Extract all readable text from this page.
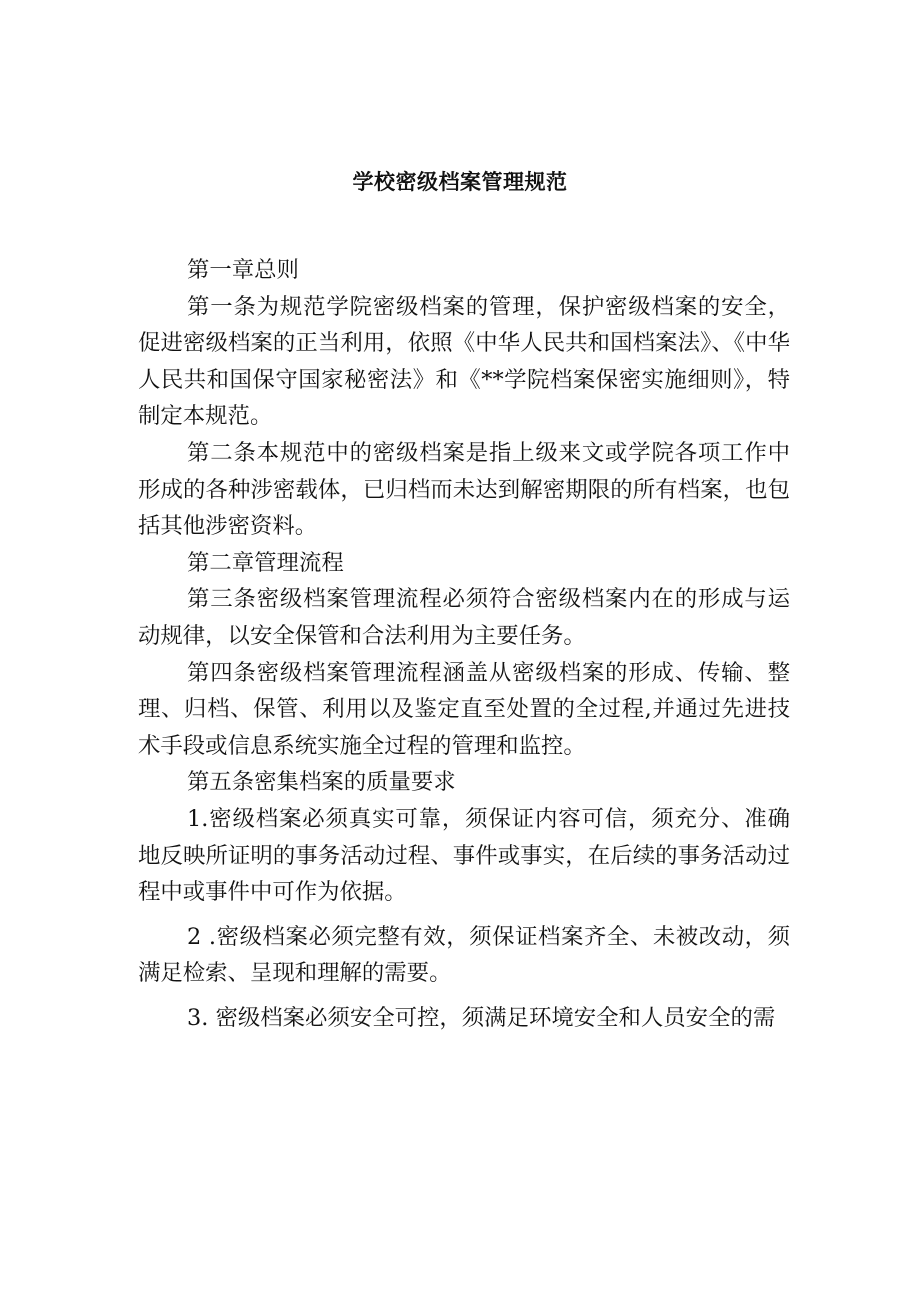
学校密级档案管理规范

第一章总则

第一条为规范学院密级档案的管理，保护密级档案的安全，促进密级档案的正当利用，依照《中华人民共和国档案法》、《中华人民共和国保守国家秘密法》和《**学院档案保密实施细则》，特制定本规范。

第二条本规范中的密级档案是指上级来文或学院各项工作中形成的各种涉密载体，已归档而未达到解密期限的所有档案，也包括其他涉密资料。

第二章管理流程

第三条密级档案管理流程必须符合密级档案内在的形成与运动规律，以安全保管和合法利用为主要任务。

第四条密级档案管理流程涵盖从密级档案的形成、传输、整理、归档、保管、利用以及鉴定直至处置的全过程,并通过先进技术手段或信息系统实施全过程的管理和监控。

第五条密集档案的质量要求

1.密级档案必须真实可靠，须保证内容可信，须充分、准确地反映所证明的事务活动过程、事件或事实，在后续的事务活动过程中或事件中可作为依据。

2 .密级档案必须完整有效，须保证档案齐全、未被改动，须满足检索、呈现和理解的需要。

3. 密级档案必须安全可控，须满足环境安全和人员安全的需
